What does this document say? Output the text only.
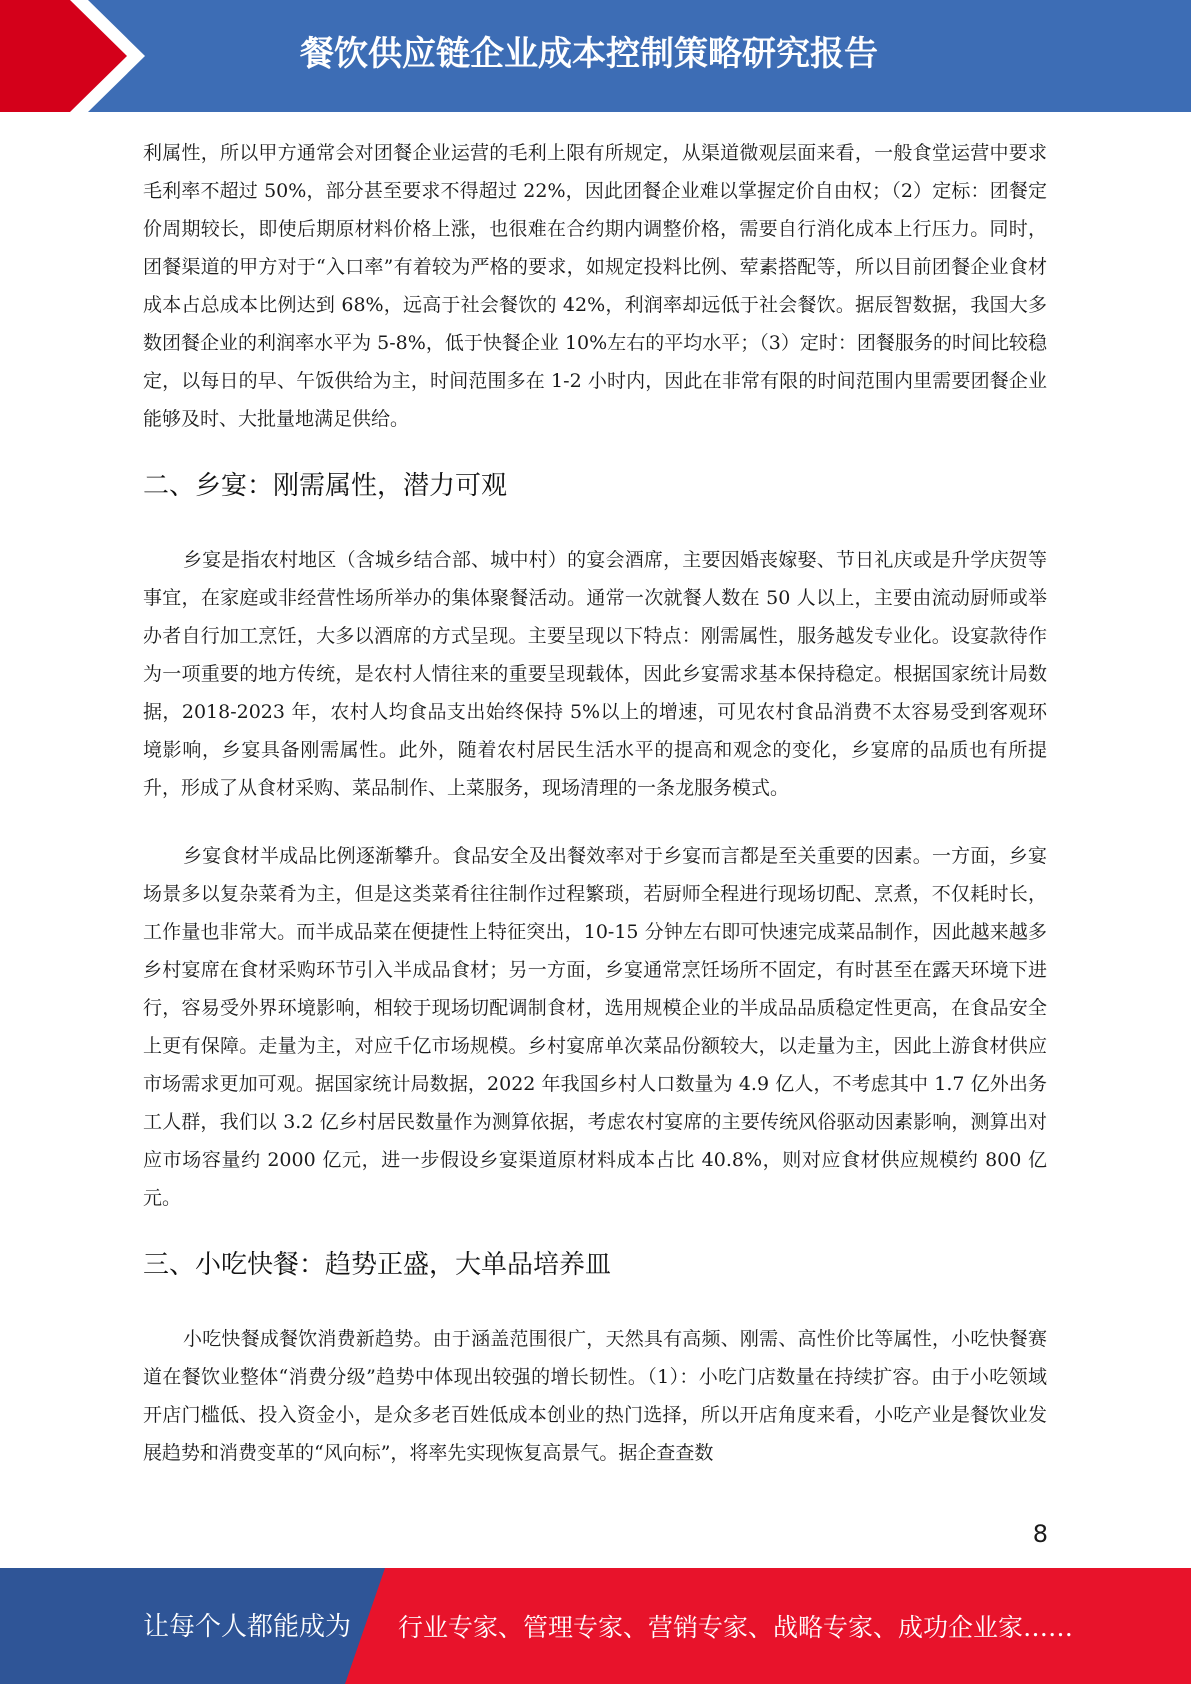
餐饮供应链企业成本控制策略研究报告

利属性，所以甲方通常会对团餐企业运营的毛利上限有所规定，从渠道微观层面来看，一般食堂运营中要求毛利率不超过 50%，部分甚至要求不得超过 22%，因此团餐企业难以掌握定价自由权；（2）定标：团餐定价周期较长，即使后期原材料价格上涨，也很难在合约期内调整价格，需要自行消化成本上行压力。同时，团餐渠道的甲方对于“入口率”有着较为严格的要求，如规定投料比例、荤素搭配等，所以目前团餐企业食材成本占总成本比例达到 68%，远高于社会餐饮的 42%，利润率却远低于社会餐饮。据辰智数据，我国大多数团餐企业的利润率水平为 5-8%，低于快餐企业 10%左右的平均水平；（3）定时：团餐服务的时间比较稳定，以每日的早、午饭供给为主，时间范围多在 1-2 小时内，因此在非常有限的时间范围内里需要团餐企业能够及时、大批量地满足供给。

二、乡宴：刚需属性，潜力可观

乡宴是指农村地区（含城乡结合部、城中村）的宴会酒席，主要因婚丧嫁娶、节日礼庆或是升学庆贺等事宜，在家庭或非经营性场所举办的集体聚餐活动。通常一次就餐人数在 50 人以上，主要由流动厨师或举办者自行加工烹饪，大多以酒席的方式呈现。主要呈现以下特点：刚需属性，服务越发专业化。设宴款待作为一项重要的地方传统，是农村人情往来的重要呈现载体，因此乡宴需求基本保持稳定。根据国家统计局数据，2018-2023 年，农村人均食品支出始终保持 5%以上的增速，可见农村食品消费不太容易受到客观环境影响，乡宴具备刚需属性。此外，随着农村居民生活水平的提高和观念的变化，乡宴席的品质也有所提升，形成了从食材采购、菜品制作、上菜服务，现场清理的一条龙服务模式。

乡宴食材半成品比例逐渐攀升。食品安全及出餐效率对于乡宴而言都是至关重要的因素。一方面，乡宴场景多以复杂菜肴为主，但是这类菜肴往往制作过程繁琐，若厨师全程进行现场切配、烹煮，不仅耗时长，工作量也非常大。而半成品菜在便捷性上特征突出，10-15 分钟左右即可快速完成菜品制作，因此越来越多乡村宴席在食材采购环节引入半成品食材；另一方面，乡宴通常烹饪场所不固定，有时甚至在露天环境下进行，容易受外界环境影响，相较于现场切配调制食材，选用规模企业的半成品品质稳定性更高，在食品安全上更有保障。走量为主，对应千亿市场规模。乡村宴席单次菜品份额较大，以走量为主，因此上游食材供应市场需求更加可观。据国家统计局数据，2022 年我国乡村人口数量为 4.9 亿人，不考虑其中 1.7 亿外出务工人群，我们以 3.2 亿乡村居民数量作为测算依据，考虑农村宴席的主要传统风俗驱动因素影响，测算出对应市场容量约 2000 亿元，进一步假设乡宴渠道原材料成本占比 40.8%，则对应食材供应规模约 800 亿元。

三、小吃快餐：趋势正盛，大单品培养皿

小吃快餐成餐饮消费新趋势。由于涵盖范围很广，天然具有高频、刚需、高性价比等属性，小吃快餐赛道在餐饮业整体“消费分级”趋势中体现出较强的增长韧性。（1）：小吃门店数量在持续扩容。由于小吃领域开店门槛低、投入资金小，是众多老百姓低成本创业的热门选择，所以开店角度来看，小吃产业是餐饮业发展趋势和消费变革的“风向标”，将率先实现恢复高景气。据企查查数

8
让每个人都能成为 行业专家、管理专家、营销专家、战略专家、成功企业家……
